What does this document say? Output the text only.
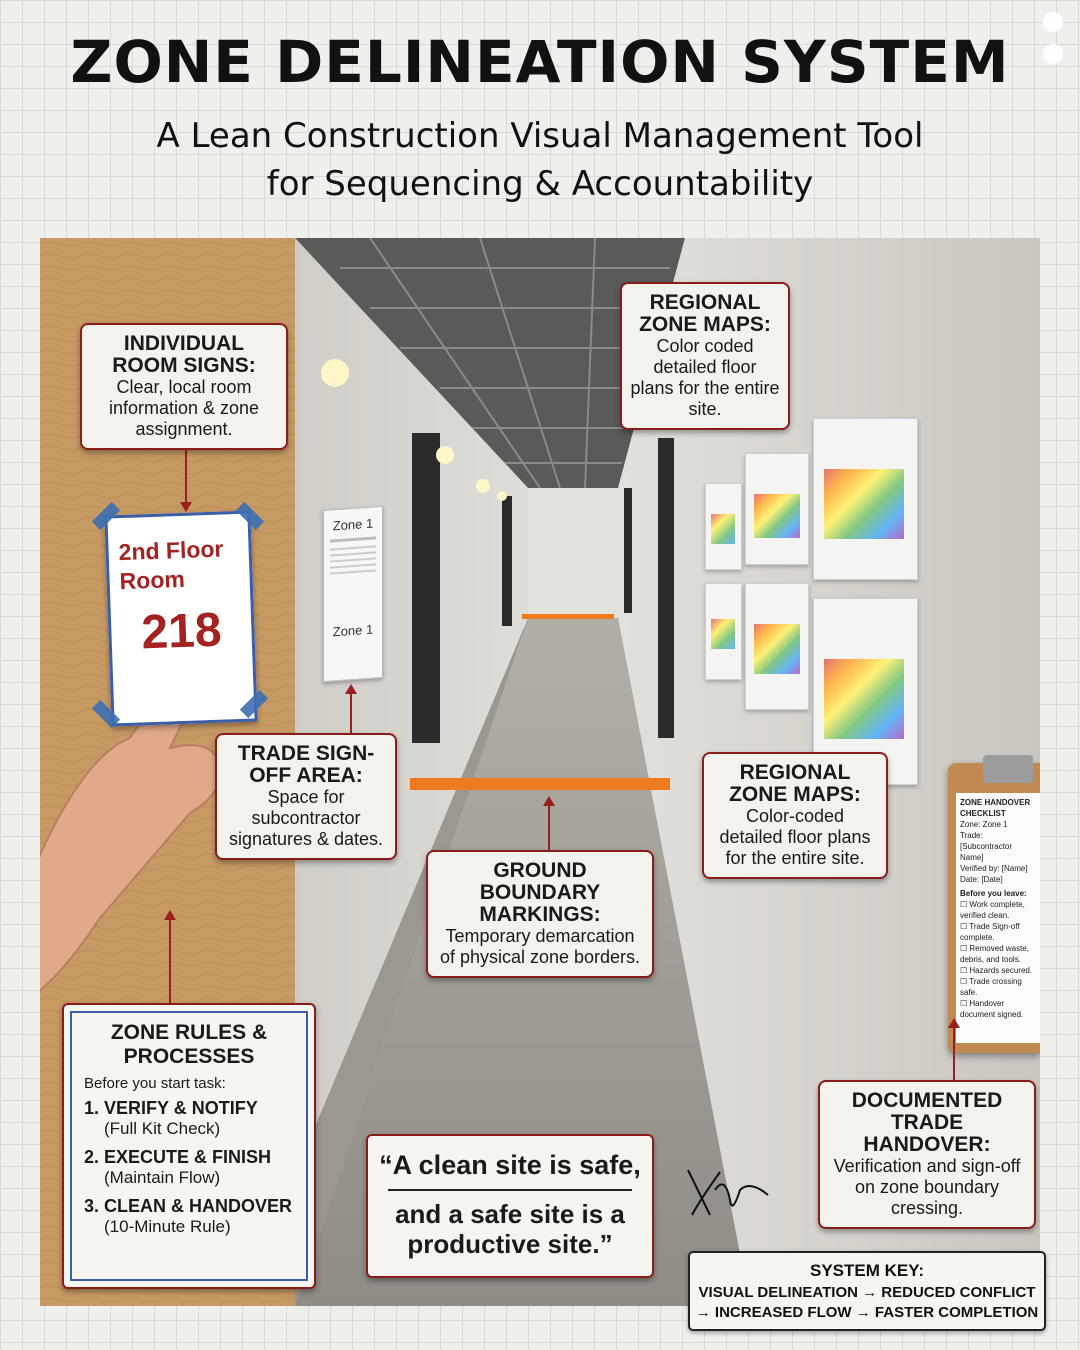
ZONE DELINEATION SYSTEM
A Lean Construction Visual Management Tool
for Sequencing & Accountability
2nd Floor
Room
218
Zone 1
Zone 1
ZONE HANDOVER CHECKLIST
Zone: Zone 1
Trade: [Subcontractor Name]
Verified by: [Name] Date: [Date]
Before you leave:
☐ Work complete, verified clean.
☐ Trade Sign-off complete.
☐ Removed waste, debris, and tools.
☐ Hazards secured.
☐ Trade crossing safe.
☐ Handover document signed.
INDIVIDUAL ROOM SIGNS: Clear, local room information & zone assignment.
REGIONAL ZONE MAPS: Color coded detailed floor plans for the entire site.
TRADE SIGN-OFF AREA: Space for subcontractor signatures & dates.
REGIONAL ZONE MAPS: Color-coded detailed floor plans for the entire site.
GROUND BOUNDARY MARKINGS: Temporary demarcation of physical zone borders.
DOCUMENTED TRADE HANDOVER: Verification and sign-off on zone boundary cressing.
ZONE RULES &
PROCESSES
Before you start task:
1. VERIFY & NOTIFY
(Full Kit Check)
2. EXECUTE & FINISH
(Maintain Flow)
3. CLEAN & HANDOVER
(10-Minute Rule)
“A clean site is safe,
and a safe site is a
productive site.”
SYSTEM KEY:
VISUAL DELINEATION → REDUCED CONFLICT
→ INCREASED FLOW → FASTER COMPLETION
